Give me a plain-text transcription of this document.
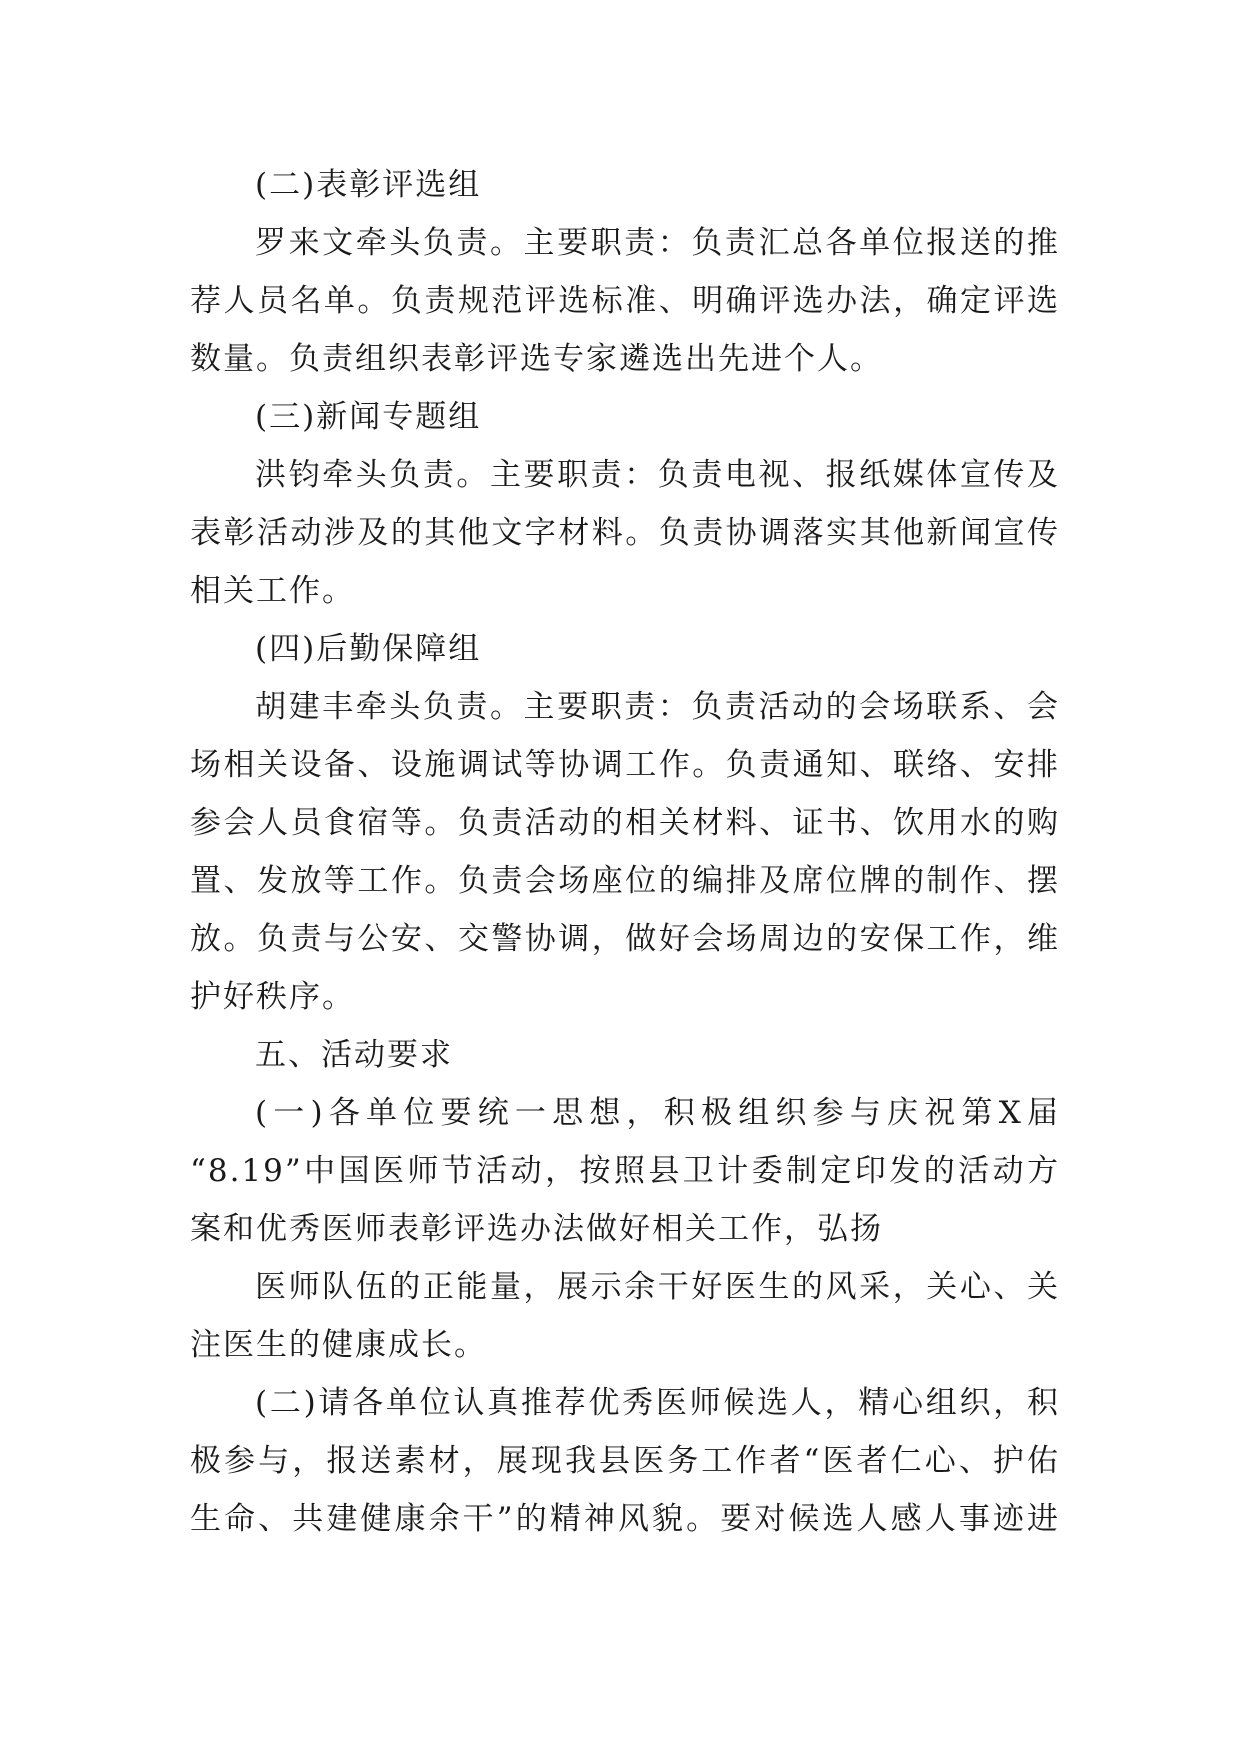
(二)表彰评选组
罗来文牵头负责。主要职责：负责汇总各单位报送的推
荐人员名单。负责规范评选标准、明确评选办法，确定评选
数量。负责组织表彰评选专家遴选出先进个人。
(三)新闻专题组
洪钧牵头负责。主要职责：负责电视、报纸媒体宣传及
表彰活动涉及的其他文字材料。负责协调落实其他新闻宣传
相关工作。
(四)后勤保障组
胡建丰牵头负责。主要职责：负责活动的会场联系、会
场相关设备、设施调试等协调工作。负责通知、联络、安排
参会人员食宿等。负责活动的相关材料、证书、饮用水的购
置、发放等工作。负责会场座位的编排及席位牌的制作、摆
放。负责与公安、交警协调，做好会场周边的安保工作，维
护好秩序。
五、活动要求
(一)各单位要统一思想，积极组织参与庆祝第X届
“8.19”中国医师节活动，按照县卫计委制定印发的活动方
案和优秀医师表彰评选办法做好相关工作，弘扬
医师队伍的正能量，展示余干好医生的风采，关心、关
注医生的健康成长。
(二)请各单位认真推荐优秀医师候选人，精心组织，积
极参与，报送素材，展现我县医务工作者“医者仁心、护佑
生命、共建健康余干”的精神风貌。要对候选人感人事迹进
